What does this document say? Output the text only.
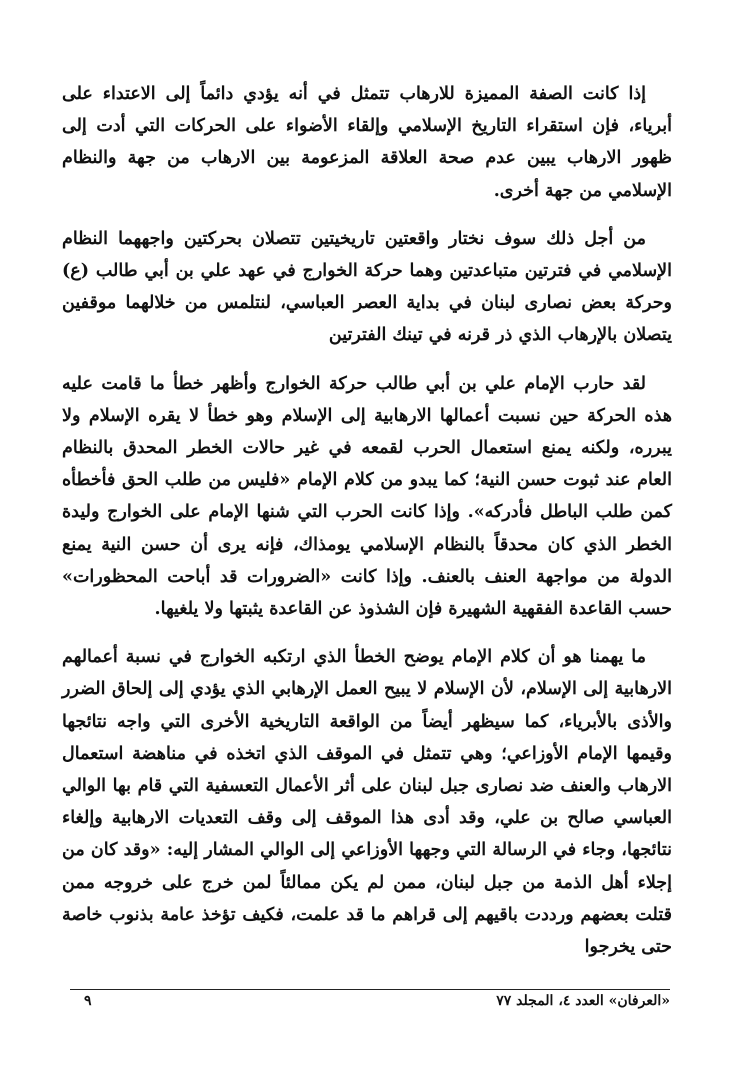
إذا كانت الصفة المميزة للارهاب تتمثل في أنه يؤدي دائماً إلى الاعتداء على أبرياء، فإن استقراء التاريخ الإسلامي وإلقاء الأضواء على الحركات التي أدت إلى ظهور الارهاب يبين عدم صحة العلاقة المزعومة بين الارهاب من جهة والنظام الإسلامي من جهة أخرى.

من أجل ذلك سوف نختار واقعتين تاريخيتين تتصلان بحركتين واجههما النظام الإسلامي في فترتين متباعدتين وهما حركة الخوارج في عهد علي بن أبي طالب (ع) وحركة بعض نصارى لبنان في بداية العصر العباسي، لنتلمس من خلالهما موقفين يتصلان بالإرهاب الذي ذر قرنه في تينك الفترتين

لقد حارب الإمام علي بن أبي طالب حركة الخوارج وأظهر خطأ ما قامت عليه هذه الحركة حين نسبت أعمالها الارهابية إلى الإسلام وهو خطأ لا يقره الإسلام ولا يبرره، ولكنه يمنع استعمال الحرب لقمعه في غير حالات الخطر المحدق بالنظام العام عند ثبوت حسن النية؛ كما يبدو من كلام الإمام «فليس من طلب الحق فأخطأه كمن طلب الباطل فأدركه». وإذا كانت الحرب التي شنها الإمام على الخوارج وليدة الخطر الذي كان محدقاً بالنظام الإسلامي يومذاك، فإنه يرى أن حسن النية يمنع الدولة من مواجهة العنف بالعنف. وإذا كانت «الضرورات قد أباحت المحظورات» حسب القاعدة الفقهية الشهيرة فإن الشذوذ عن القاعدة يثبتها ولا يلغيها.

ما يهمنا هو أن كلام الإمام يوضح الخطأ الذي ارتكبه الخوارج في نسبة أعمالهم الارهابية إلى الإسلام، لأن الإسلام لا يبيح العمل الإرهابي الذي يؤدي إلى إلحاق الضرر والأذى بالأبرياء، كما سيظهر أيضاً من الواقعة التاريخية الأخرى التي واجه نتائجها وقيمها الإمام الأوزاعي؛ وهي تتمثل في الموقف الذي اتخذه في مناهضة استعمال الارهاب والعنف ضد نصارى جبل لبنان على أثر الأعمال التعسفية التي قام بها الوالي العباسي صالح بن علي، وقد أدى هذا الموقف إلى وقف التعديات الارهابية وإلغاء نتائجها، وجاء في الرسالة التي وجهها الأوزاعي إلى الوالي المشار إليه: «وقد كان من إجلاء أهل الذمة من جبل لبنان، ممن لم يكن ممالئاً لمن خرج على خروجه ممن قتلت بعضهم ورددت باقيهم إلى قراهم ما قد علمت، فكيف تؤخذ عامة بذنوب خاصة حتى يخرجوا

«العرفان» العدد ٤، المجلد ٧٧
٩
